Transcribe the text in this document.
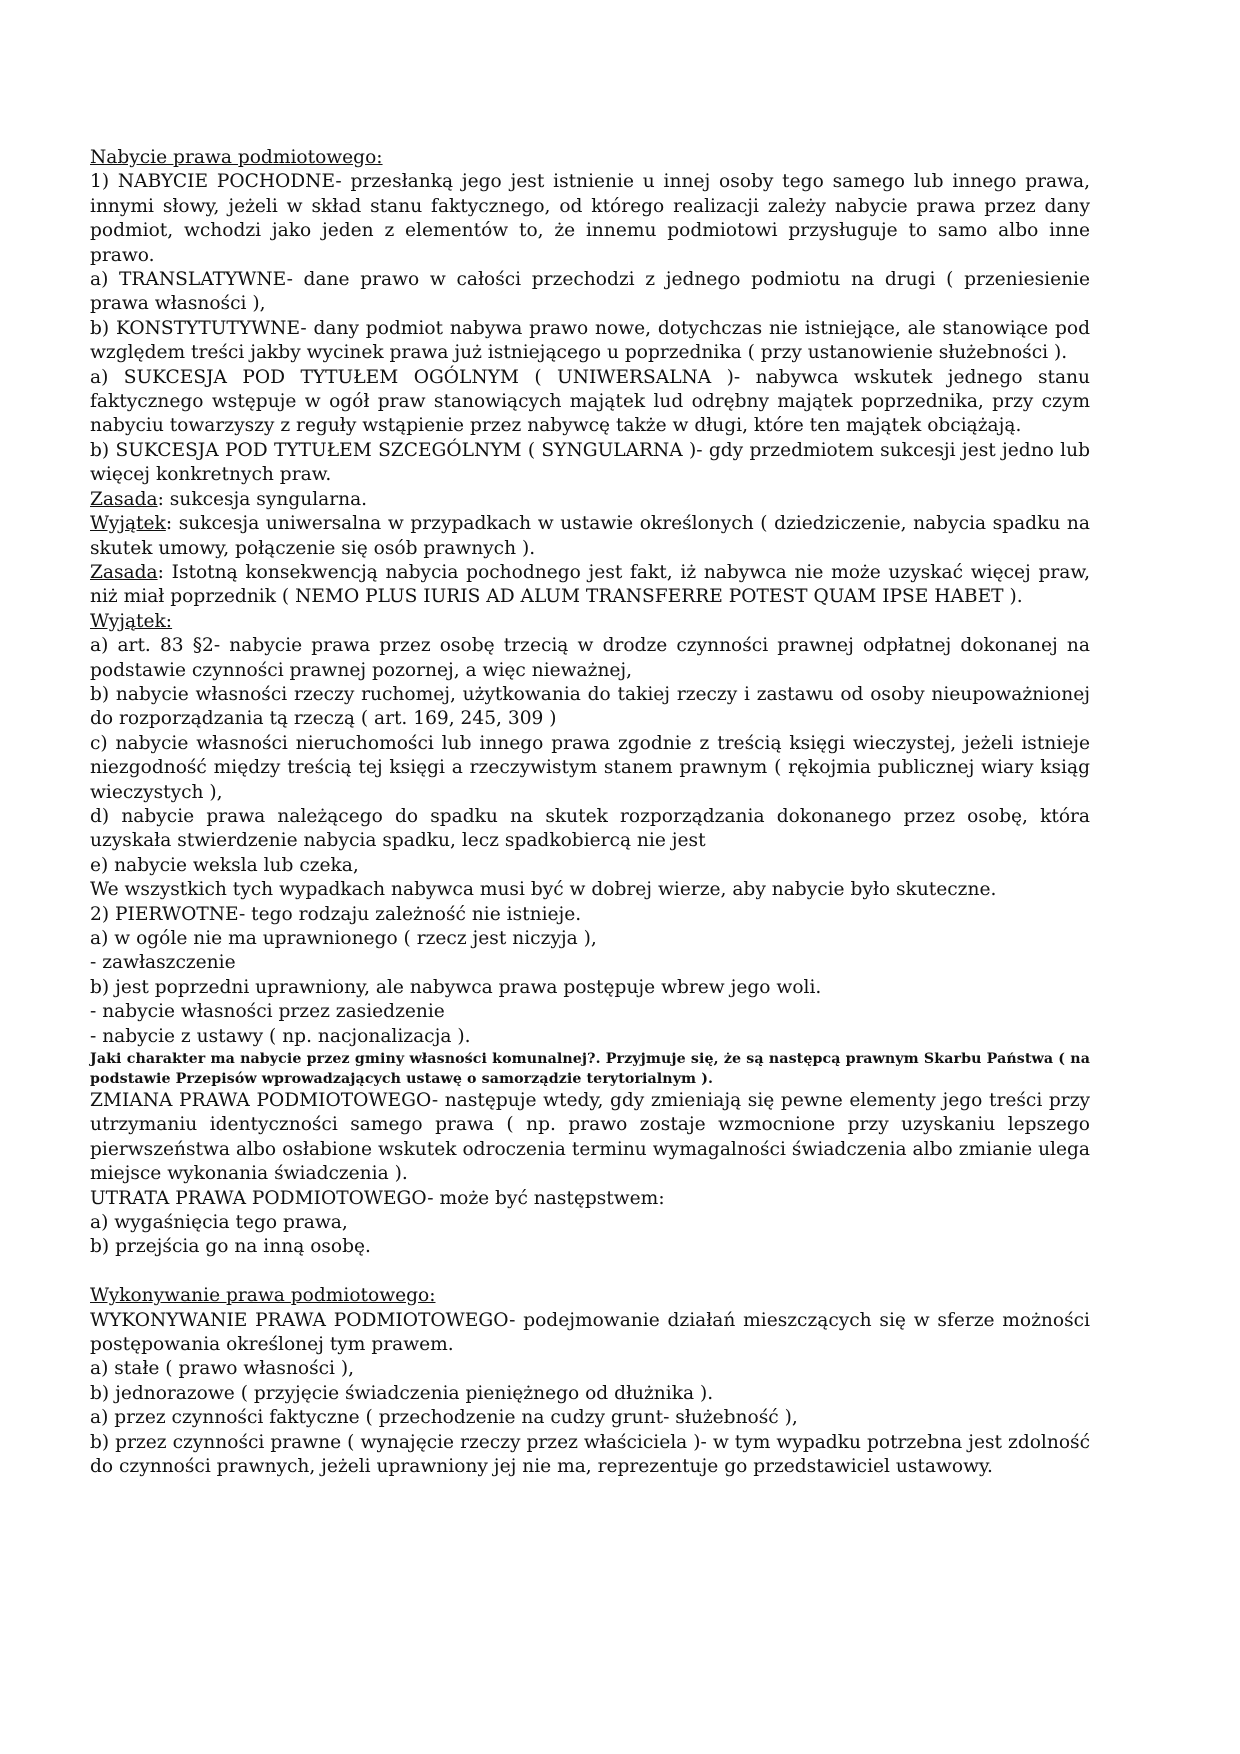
Nabycie prawa podmiotowego:

1) NABYCIE POCHODNE- przesłanką jego jest istnienie u innej osoby tego samego lub innego prawa, innymi słowy, jeżeli w skład stanu faktycznego, od którego realizacji zależy nabycie prawa przez dany podmiot, wchodzi jako jeden z elementów to, że innemu podmiotowi przysługuje to samo albo inne prawo.

a) TRANSLATYWNE- dane prawo w całości przechodzi z jednego podmiotu na drugi ( przeniesienie prawa własności ),

b) KONSTYTUTYWNE- dany podmiot nabywa prawo nowe, dotychczas nie istniejące, ale stanowiące pod względem treści jakby wycinek prawa już istniejącego u poprzednika ( przy ustanowienie służebności ).

a) SUKCESJA POD TYTUŁEM OGÓLNYM ( UNIWERSALNA )- nabywca wskutek jednego stanu faktycznego wstępuje w ogół praw stanowiących majątek lud odrębny majątek poprzednika, przy czym nabyciu towarzyszy z reguły wstąpienie przez nabywcę także w długi, które ten majątek obciążają.

b) SUKCESJA POD TYTUŁEM SZCEGÓLNYM ( SYNGULARNA )- gdy przedmiotem sukcesji jest jedno lub więcej konkretnych praw.

Zasada: sukcesja syngularna.

Wyjątek: sukcesja uniwersalna w przypadkach w ustawie określonych ( dziedziczenie, nabycia spadku na skutek umowy, połączenie się osób prawnych ).

Zasada: Istotną konsekwencją nabycia pochodnego jest fakt, iż nabywca nie może uzyskać więcej praw, niż miał poprzednik ( NEMO PLUS IURIS AD ALUM TRANSFERRE POTEST QUAM IPSE HABET ).

Wyjątek:

a) art. 83 §2- nabycie prawa przez osobę trzecią w drodze czynności prawnej odpłatnej dokonanej na podstawie czynności prawnej pozornej, a więc nieważnej,

b) nabycie własności rzeczy ruchomej, użytkowania do takiej rzeczy i zastawu od osoby nieupoważnionej do rozporządzania tą rzeczą ( art. 169, 245, 309 )

c) nabycie własności nieruchomości lub innego prawa zgodnie z treścią księgi wieczystej, jeżeli istnieje niezgodność między treścią tej księgi a rzeczywistym stanem prawnym ( rękojmia publicznej wiary ksiąg wieczystych ),

d) nabycie prawa należącego do spadku na skutek rozporządzania dokonanego przez osobę, która uzyskała stwierdzenie nabycia spadku, lecz spadkobiercą nie jest

e) nabycie weksla lub czeka,

We wszystkich tych wypadkach nabywca musi być w dobrej wierze, aby nabycie było skuteczne.

2) PIERWOTNE- tego rodzaju zależność nie istnieje.

a) w ogóle nie ma uprawnionego ( rzecz jest niczyja ),

- zawłaszczenie

b) jest poprzedni uprawniony, ale nabywca prawa postępuje wbrew jego woli.

- nabycie własności przez zasiedzenie

- nabycie z ustawy ( np. nacjonalizacja ).

Jaki charakter ma nabycie przez gminy własności komunalnej?. Przyjmuje się, że są następcą prawnym Skarbu Państwa ( na podstawie Przepisów wprowadzających ustawę o samorządzie terytorialnym ).

ZMIANA PRAWA PODMIOTOWEGO- następuje wtedy, gdy zmieniają się pewne elementy jego treści przy utrzymaniu identyczności samego prawa ( np. prawo zostaje wzmocnione przy uzyskaniu lepszego pierwszeństwa albo osłabione wskutek odroczenia terminu wymagalności świadczenia albo zmianie ulega miejsce wykonania świadczenia ).

UTRATA PRAWA PODMIOTOWEGO- może być następstwem:

a) wygaśnięcia tego prawa,

b) przejścia go na inną osobę.

Wykonywanie prawa podmiotowego:

WYKONYWANIE PRAWA PODMIOTOWEGO- podejmowanie działań mieszczących się w sferze możności postępowania określonej tym prawem.

a) stałe ( prawo własności ),

b) jednorazowe ( przyjęcie świadczenia pieniężnego od dłużnika ).

a) przez czynności faktyczne ( przechodzenie na cudzy grunt- służebność ),

b) przez czynności prawne ( wynajęcie rzeczy przez właściciela )- w tym wypadku potrzebna jest zdolność do czynności prawnych, jeżeli uprawniony jej nie ma, reprezentuje go przedstawiciel ustawowy.
